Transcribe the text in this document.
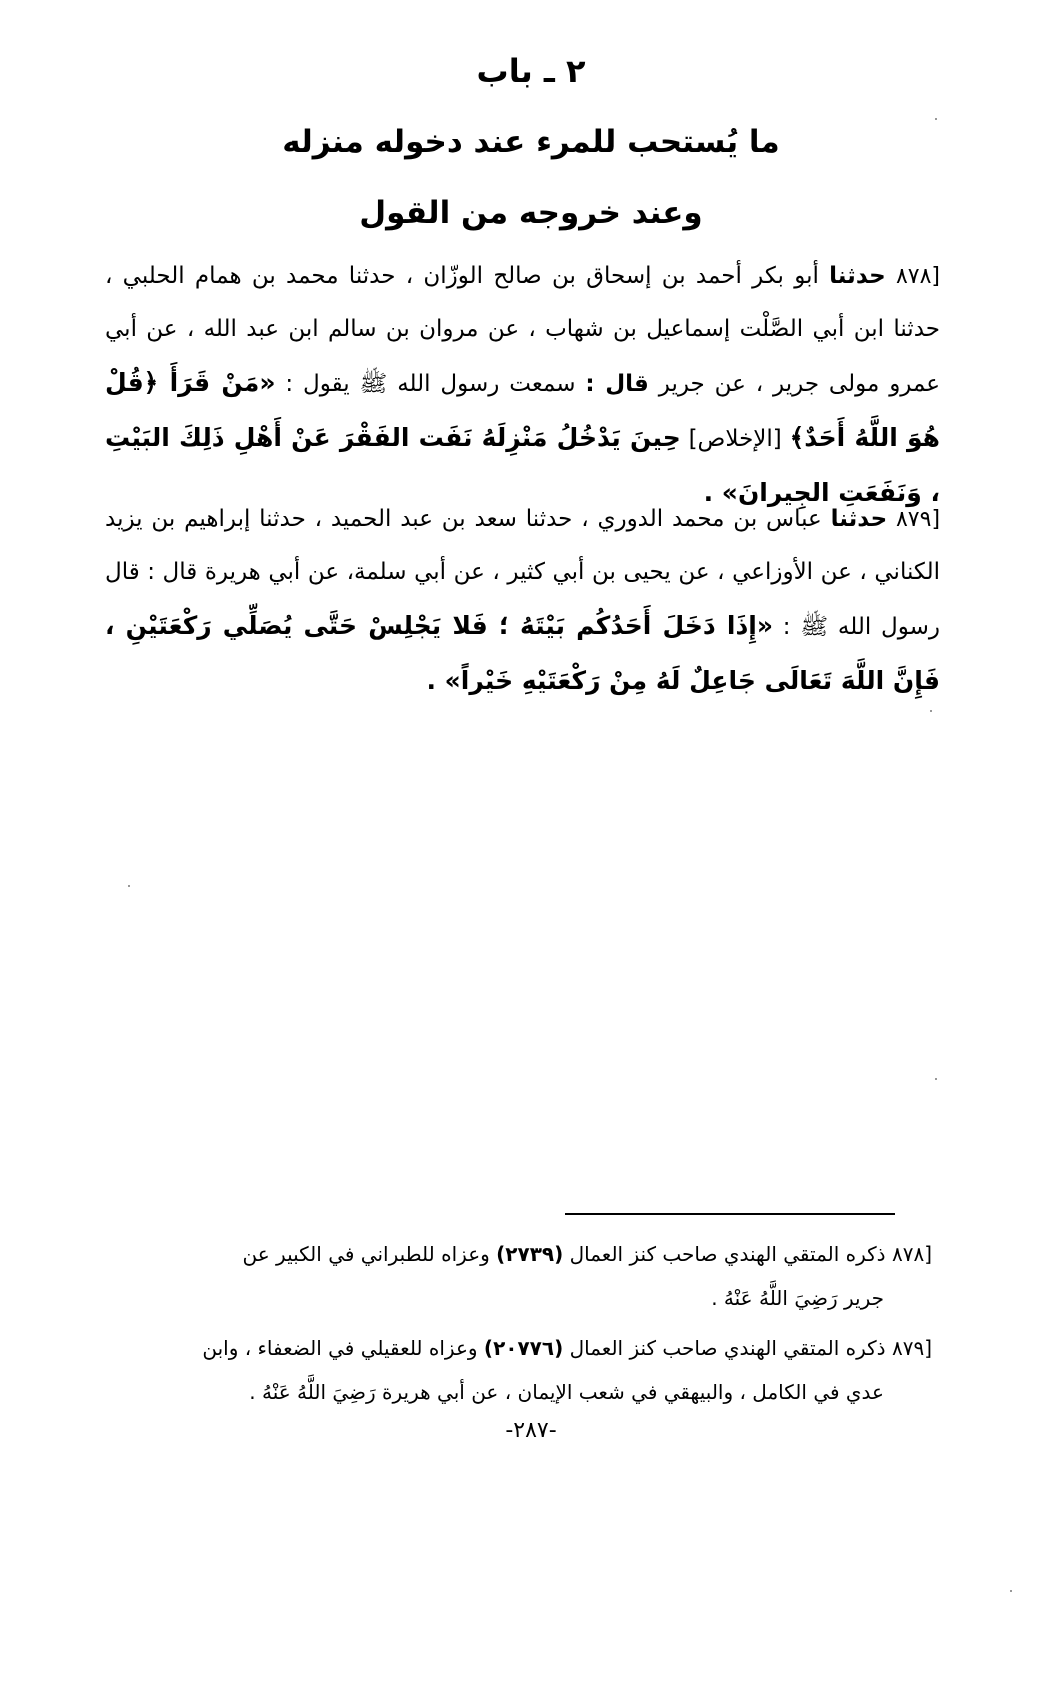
٢ ـ باب
ما يُستحب للمرء عند دخوله منزله
وعند خروجه من القول
[٨٧٨ حدثنا أبو بكر أحمد بن إسحاق بن صالح الوزّان ، حدثنا محمد بن همام الحلبي ، حدثنا ابن أبي الصَّلْت إسماعيل بن شهاب ، عن مروان بن سالم ابن عبد الله ، عن أبي عمرو مولى جرير ، عن جرير قال : سمعت رسول الله ﷺ يقول : «مَنْ قَرَأَ ﴿قُلْ هُوَ اللَّهُ أَحَدٌ﴾ [الإخلاص] حِينَ يَدْخُلُ مَنْزِلَهُ نَفَت الفَقْرَ عَنْ أَهْلِ ذَلِكَ البَيْتِ ، وَنَفَعَتِ الجِيرانَ» .
[٨٧٩ حدثنا عباس بن محمد الدوري ، حدثنا سعد بن عبد الحميد ، حدثنا إبراهيم بن يزيد الكناني ، عن الأوزاعي ، عن يحيى بن أبي كثير ، عن أبي سلمة، عن أبي هريرة قال : قال رسول الله ﷺ : «إِذَا دَخَلَ أَحَدُكُم بَيْتَهُ ؛ فَلا يَجْلِسْ حَتَّى يُصَلِّي رَكْعَتَيْنِ ، فَإِنَّ اللَّهَ تَعَالَى جَاعِلٌ لَهُ مِنْ رَكْعَتَيْهِ خَيْراً» .
[٨٧٨ ذكره المتقي الهندي صاحب كنز العمال (٢٧٣٩) وعزاه للطبراني في الكبير عن
جرير رَضِيَ اللَّهُ عَنْهُ .
[٨٧٩ ذكره المتقي الهندي صاحب كنز العمال (٢٠٧٧٦) وعزاه للعقيلي في الضعفاء ، وابن
عدي في الكامل ، والبيهقي في شعب الإيمان ، عن أبي هريرة رَضِيَ اللَّهُ عَنْهُ .
-٢٨٧-
